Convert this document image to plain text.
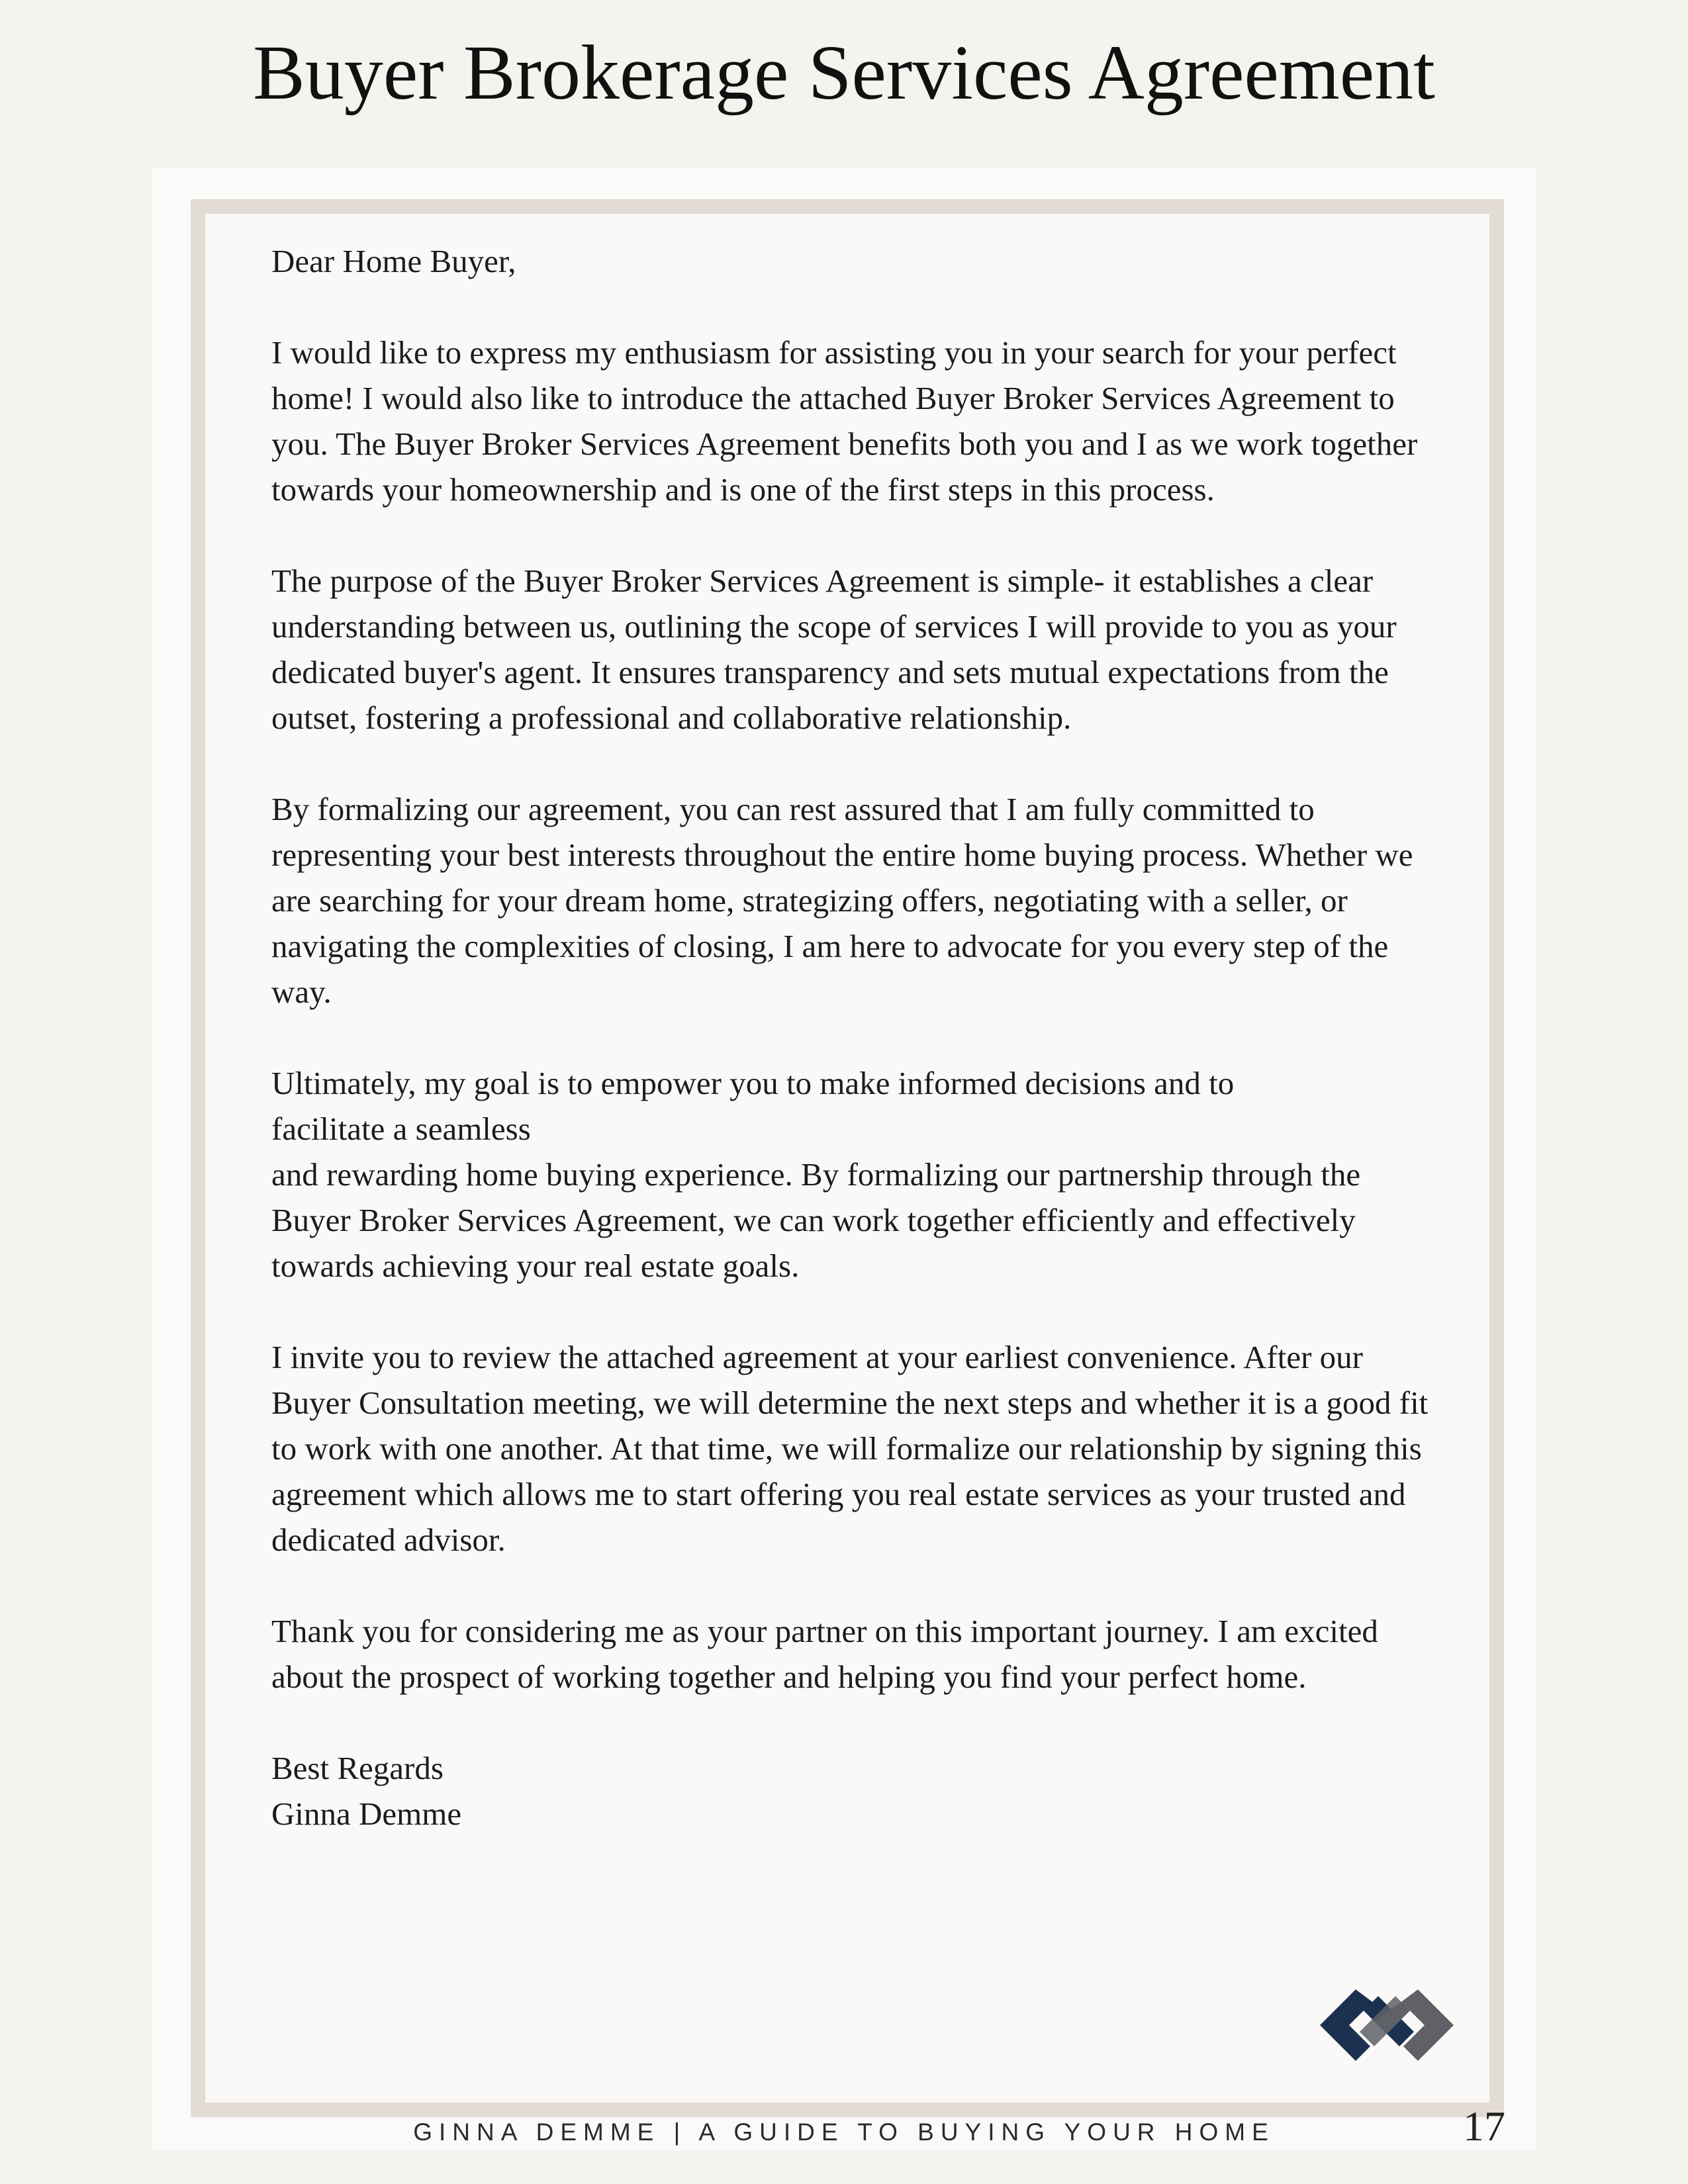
Buyer Brokerage Services Agreement

Dear Home Buyer,

I would like to express my enthusiasm for assisting you in your search for your perfect home! I would also like to introduce the attached Buyer Broker Services Agreement to you. The Buyer Broker Services Agreement benefits both you and I as we work together towards your homeownership and is one of the first steps in this process.

The purpose of the Buyer Broker Services Agreement is simple- it establishes a clear understanding between us, outlining the scope of services I will provide to you as your dedicated buyer's agent. It ensures transparency and sets mutual expectations from the outset, fostering a professional and collaborative relationship.

By formalizing our agreement, you can rest assured that I am fully committed to representing your best interests throughout the entire home buying process. Whether we are searching for your dream home, strategizing offers, negotiating with a seller, or navigating the complexities of closing, I am here to advocate for you every step of the way.

Ultimately, my goal is to empower you to make informed decisions and to facilitate a seamless

and rewarding home buying experience. By formalizing our partnership through the Buyer Broker Services Agreement, we can work together efficiently and effectively towards achieving your real estate goals.

I invite you to review the attached agreement at your earliest convenience. After our Buyer Consultation meeting, we will determine the next steps and whether it is a good fit to work with one another. At that time, we will formalize our relationship by signing this agreement which allows me to start offering you real estate services as your trusted and dedicated advisor.

Thank you for considering me as your partner on this important journey. I am excited about the prospect of working together and helping you find your perfect home.

Best Regards

Ginna Demme

GINNA DEMME | A GUIDE TO BUYING YOUR HOME	17
